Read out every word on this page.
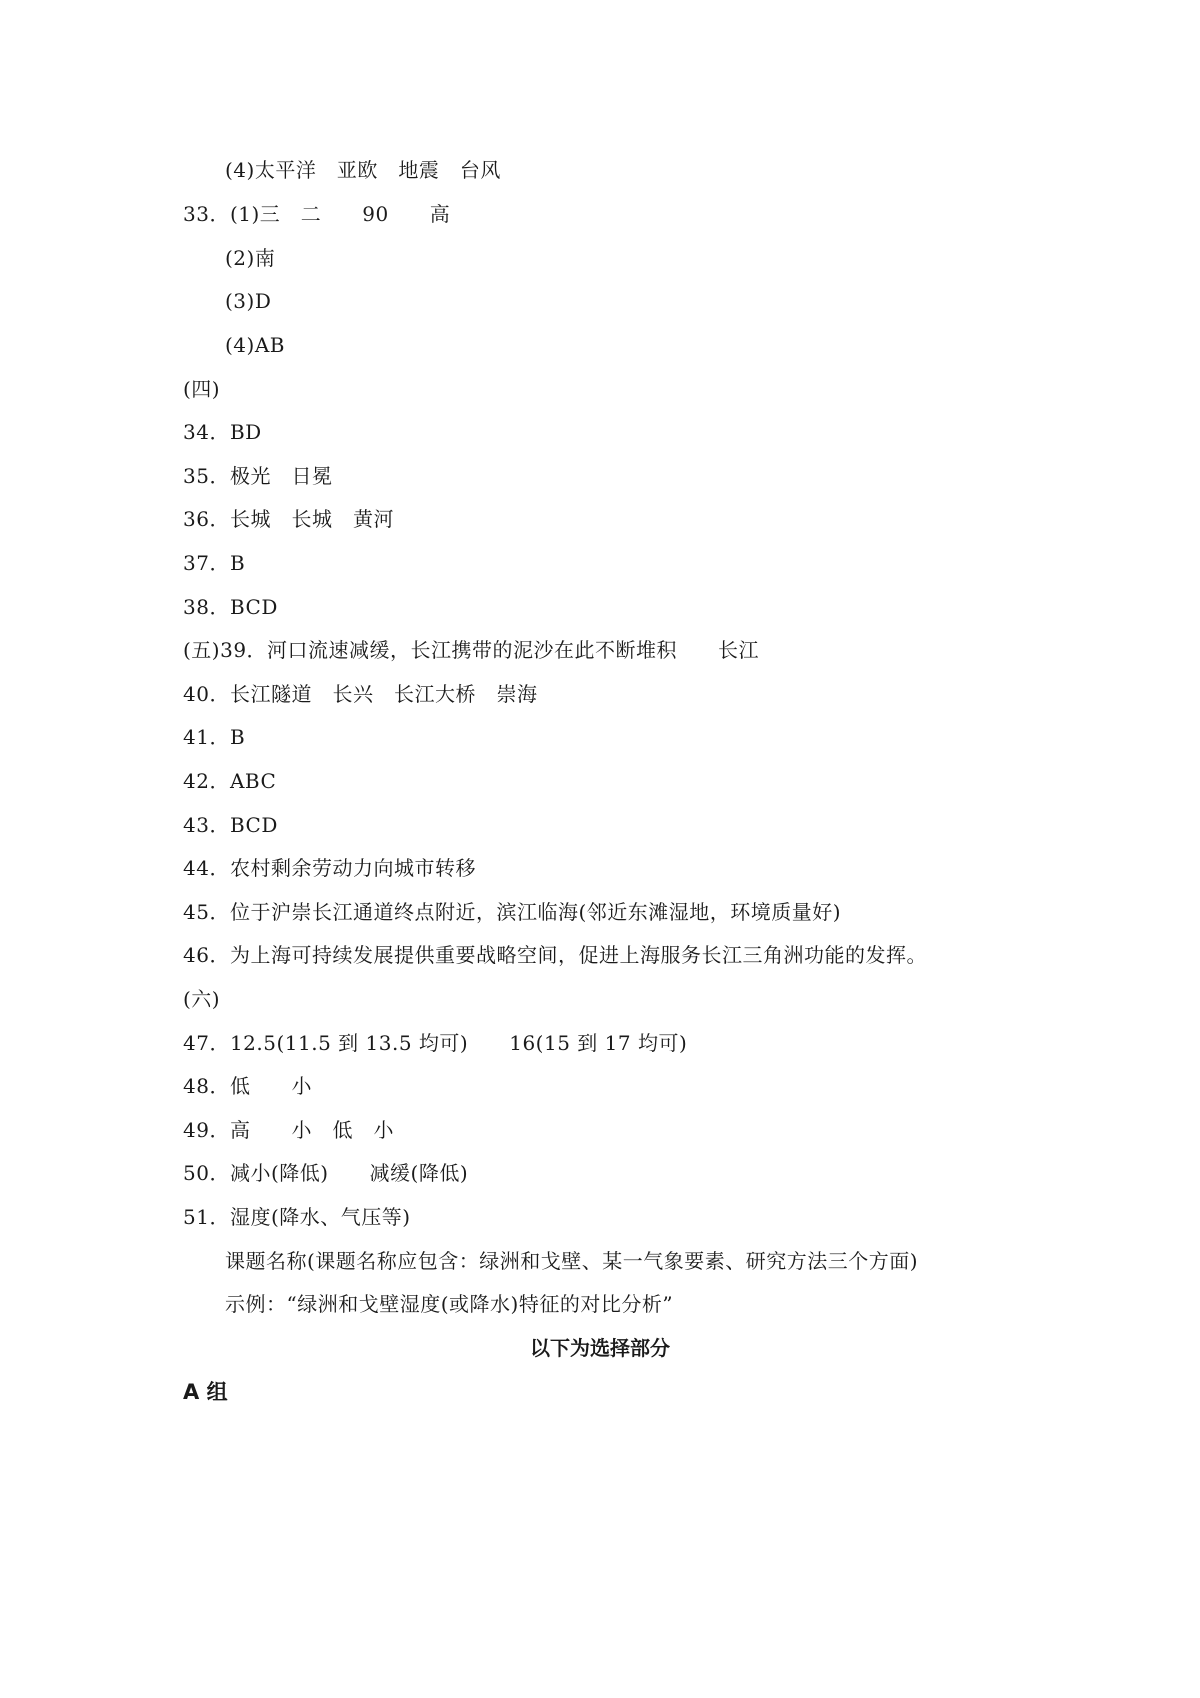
(4)太平洋　亚欧　地震　台风
33．(1)三　二　　90　　高
(2)南
(3)D
(4)AB
(四)
34．BD
35．极光　日冕
36．长城　长城　黄河
37．B
38．BCD
(五)39．河口流速减缓，长江携带的泥沙在此不断堆积　　长江
40．长江隧道　长兴　长江大桥　崇海
41．B
42．ABC
43．BCD
44．农村剩余劳动力向城市转移
45．位于沪崇长江通道终点附近，滨江临海(邻近东滩湿地，环境质量好)
46．为上海可持续发展提供重要战略空间，促进上海服务长江三角洲功能的发挥。
(六)
47．12.5(11.5 到 13.5 均可)　　16(15 到 17 均可)
48．低　　小
49．高　　小　低　小
50．减小(降低)　　减缓(降低)
51．湿度(降水、气压等)
课题名称(课题名称应包含：绿洲和戈壁、某一气象要素、研究方法三个方面)
示例：“绿洲和戈壁湿度(或降水)特征的对比分析”
以下为选择部分
A 组
